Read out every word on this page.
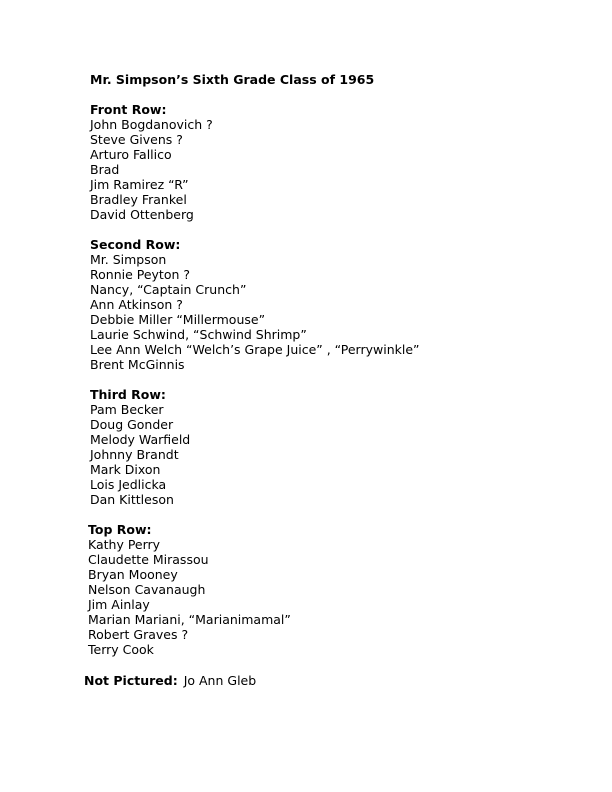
Mr. Simpson’s Sixth Grade Class of 1965
Front Row:
John Bogdanovich ?
Steve Givens ?
Arturo Fallico
Brad
Jim Ramirez “R”
Bradley Frankel
David Ottenberg
Second Row:
Mr. Simpson
Ronnie Peyton ?
Nancy, “Captain Crunch”
Ann Atkinson ?
Debbie Miller “Millermouse”
Laurie Schwind, “Schwind Shrimp”
Lee Ann Welch “Welch’s Grape Juice” , “Perrywinkle”
Brent McGinnis
Third Row:
Pam Becker
Doug Gonder
Melody Warfield
Johnny Brandt
Mark Dixon
Lois Jedlicka
Dan Kittleson
Top Row:
Kathy Perry
Claudette Mirassou
Bryan Mooney
Nelson Cavanaugh
Jim Ainlay
Marian Mariani, “Marianimamal”
Robert Graves ?
Terry Cook
Not Pictured: Jo Ann Gleb
